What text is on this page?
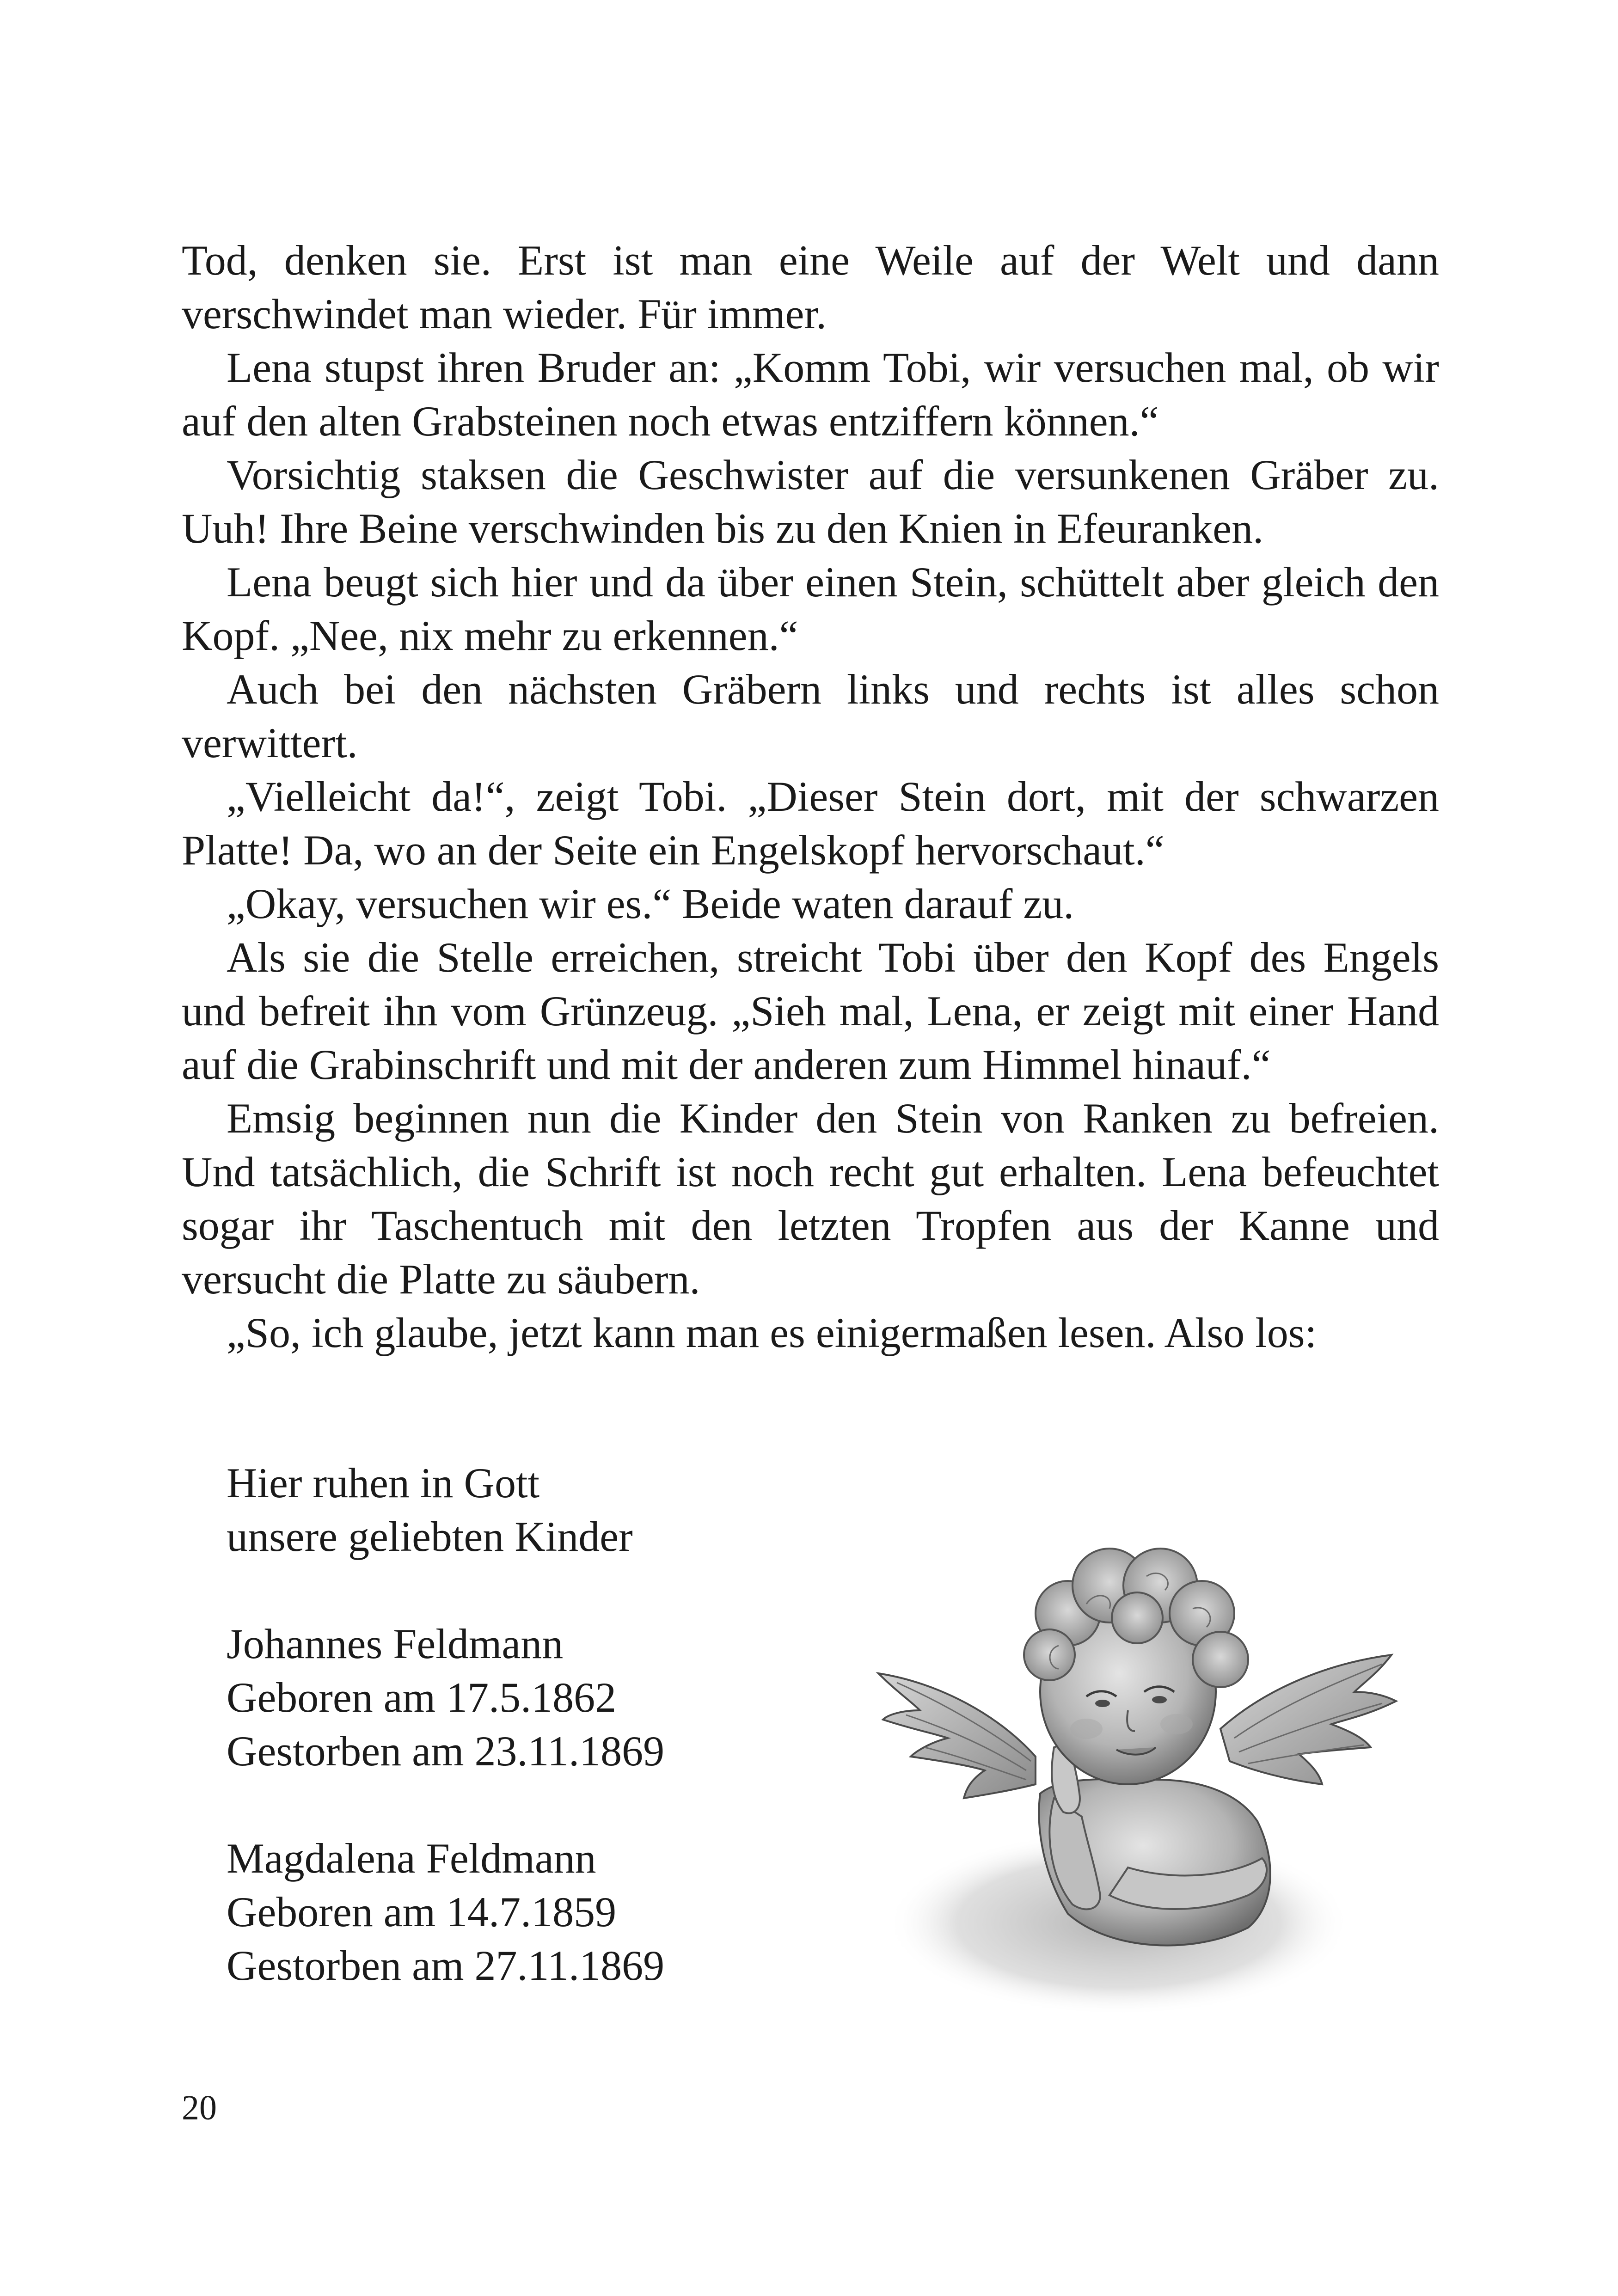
Tod, denken sie. Erst ist man eine Weile auf der Welt und dann verschwindet man wieder. Für immer.

Lena stupst ihren Bruder an: „Komm Tobi, wir versuchen mal, ob wir auf den alten Grabsteinen noch etwas entziffern können.“

Vorsichtig staksen die Geschwister auf die versunkenen Gräber zu. Uuh! Ihre Beine verschwinden bis zu den Knien in Efeuranken.

Lena beugt sich hier und da über einen Stein, schüttelt aber gleich den Kopf. „Nee, nix mehr zu erkennen.“

Auch bei den nächsten Gräbern links und rechts ist alles schon verwittert.

„Vielleicht da!“, zeigt Tobi. „Dieser Stein dort, mit der schwarzen Platte! Da, wo an der Seite ein Engelskopf hervorschaut.“

„Okay, versuchen wir es.“ Beide waten darauf zu.

Als sie die Stelle erreichen, streicht Tobi über den Kopf des Engels und befreit ihn vom Grünzeug. „Sieh mal, Lena, er zeigt mit einer Hand auf die Grabinschrift und mit der anderen zum Himmel hinauf.“

Emsig beginnen nun die Kinder den Stein von Ranken zu befreien. Und tatsächlich, die Schrift ist noch recht gut erhalten. Lena befeuchtet sogar ihr Taschentuch mit den letzten Tropfen aus der Kanne und versucht die Platte zu säubern.

„So, ich glaube, jetzt kann man es einigermaßen lesen. Also los:

Hier ruhen in Gott
unsere geliebten Kinder
Johannes Feldmann
Geboren am 17.5.1862
Gestorben am 23.11.1869
Magdalena Feldmann
Geboren am 14.7.1859
Gestorben am 27.11.1869
20
